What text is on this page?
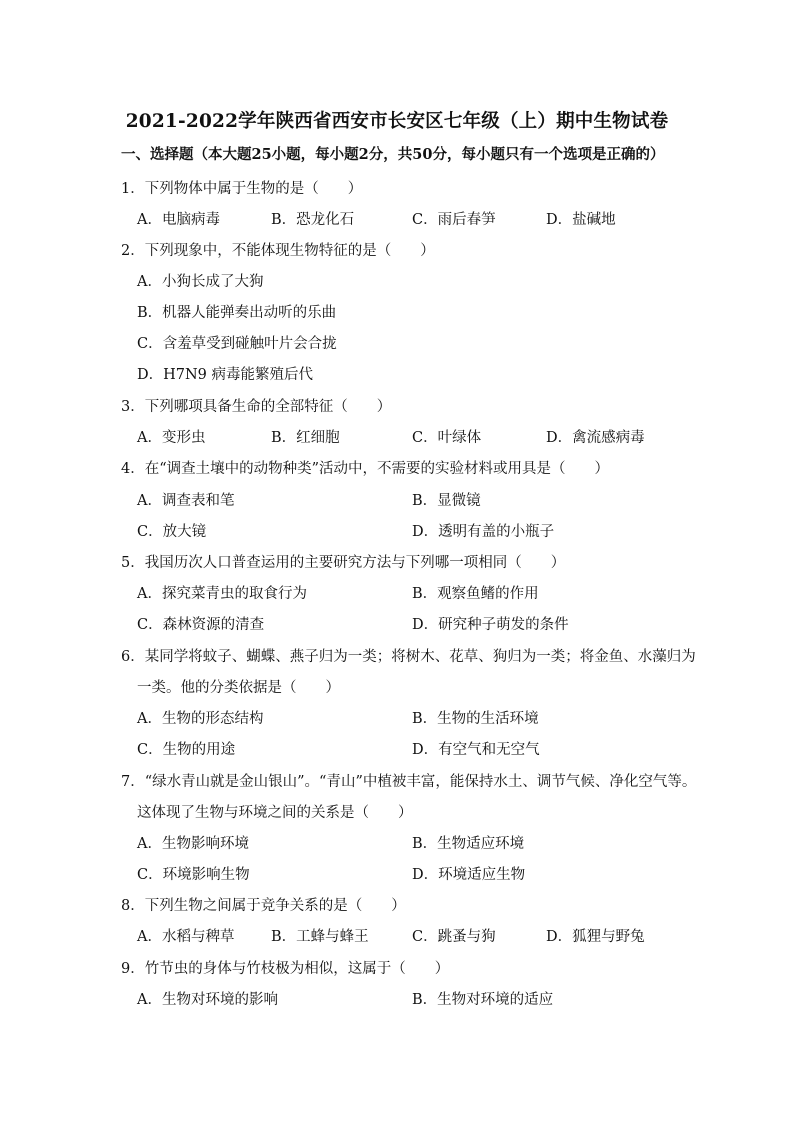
2021-2022学年陕西省西安市长安区七年级（上）期中生物试卷
一、选择题（本大题25小题，每小题2分，共50分，每小题只有一个选项是正确的）
1．下列物体中属于生物的是（　　）
A．电脑病毒	B．恐龙化石	C．雨后春笋	D．盐碱地
2．下列现象中，不能体现生物特征的是（　　）
A．小狗长成了大狗
B．机器人能弹奏出动听的乐曲
C．含羞草受到碰触叶片会合拢
D．H7N9 病毒能繁殖后代
3．下列哪项具备生命的全部特征（　　）
A．变形虫	B．红细胞	C．叶绿体	D．禽流感病毒
4．在“调查土壤中的动物种类”活动中，不需要的实验材料或用具是（　　）
A．调查表和笔	B．显微镜
C．放大镜	D．透明有盖的小瓶子
5．我国历次人口普查运用的主要研究方法与下列哪一项相同（　　）
A．探究菜青虫的取食行为	B．观察鱼鳍的作用
C．森林资源的清查	D．研究种子萌发的条件
6．某同学将蚊子、蝴蝶、燕子归为一类；将树木、花草、狗归为一类；将金鱼、水藻归为
一类。他的分类依据是（　　）
A．生物的形态结构	B．生物的生活环境
C．生物的用途	D．有空气和无空气
7．“绿水青山就是金山银山”。“青山”中植被丰富，能保持水土、调节气候、净化空气等。
这体现了生物与环境之间的关系是（　　）
A．生物影响环境	B．生物适应环境
C．环境影响生物	D．环境适应生物
8．下列生物之间属于竞争关系的是（　　）
A．水稻与稗草	B．工蜂与蜂王	C．跳蚤与狗	D．狐狸与野兔
9．竹节虫的身体与竹枝极为相似，这属于（　　）
A．生物对环境的影响	B．生物对环境的适应
